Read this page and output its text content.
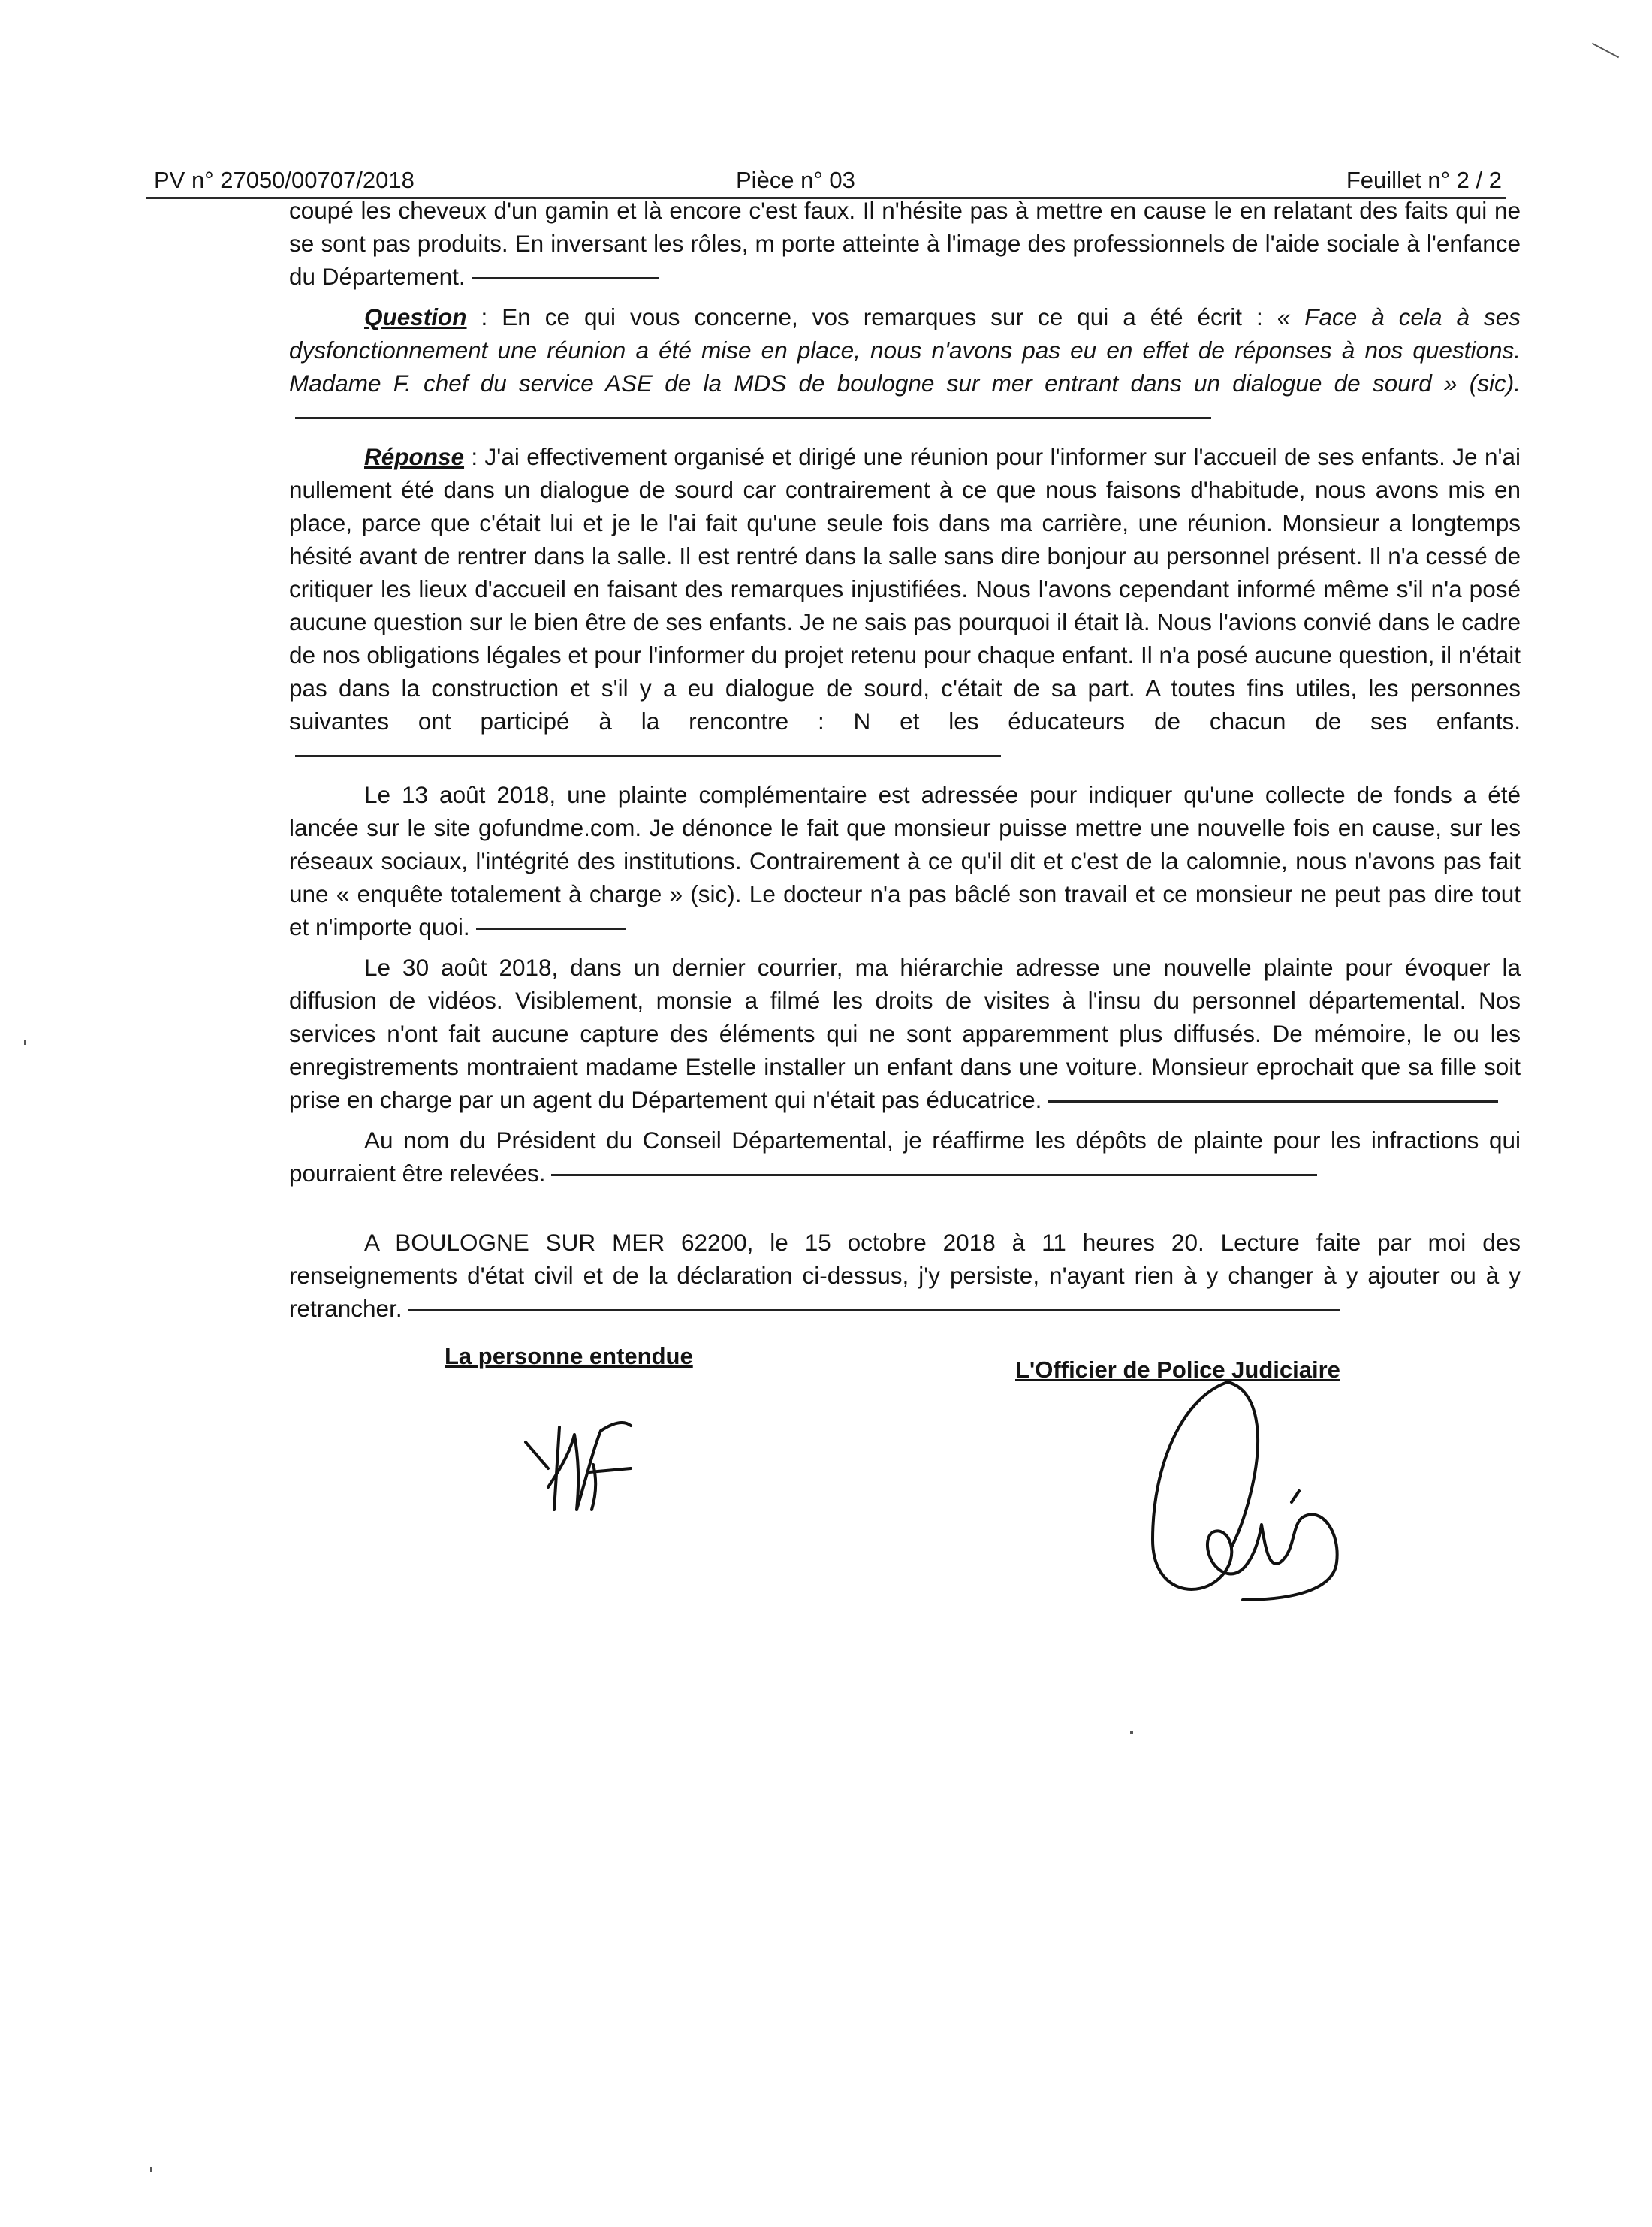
PV n° 27050/00707/2018	Pièce n° 03	Feuillet n° 2 / 2

coupé les cheveux d'un gamin et là encore c'est faux. Il n'hésite pas à mettre en cause le en relatant des faits qui ne se sont pas produits. En inversant les rôles, m porte atteinte à l'image des professionnels de l'aide sociale à l'enfance du Département.

Question : En ce qui vous concerne, vos remarques sur ce qui a été écrit : « Face à cela à ses dysfonctionnement une réunion a été mise en place, nous n'avons pas eu en effet de réponses à nos questions. Madame F. chef du service ASE de la MDS de boulogne sur mer entrant dans un dialogue de sourd » (sic).

Réponse : J'ai effectivement organisé et dirigé une réunion pour l'informer sur l'accueil de ses enfants. Je n'ai nullement été dans un dialogue de sourd car contrairement à ce que nous faisons d'habitude, nous avons mis en place, parce que c'était lui et je le l'ai fait qu'une seule fois dans ma carrière, une réunion. Monsieur a longtemps hésité avant de rentrer dans la salle. Il est rentré dans la salle sans dire bonjour au personnel présent. Il n'a cessé de critiquer les lieux d'accueil en faisant des remarques injustifiées. Nous l'avons cependant informé même s'il n'a posé aucune question sur le bien être de ses enfants. Je ne sais pas pourquoi il était là. Nous l'avions convié dans le cadre de nos obligations légales et pour l'informer du projet retenu pour chaque enfant. Il n'a posé aucune question, il n'était pas dans la construction et s'il y a eu dialogue de sourd, c'était de sa part. A toutes fins utiles, les personnes suivantes ont participé à la rencontre : N et les éducateurs de chacun de ses enfants.

Le 13 août 2018, une plainte complémentaire est adressée pour indiquer qu'une collecte de fonds a été lancée sur le site gofundme.com. Je dénonce le fait que monsieur puisse mettre une nouvelle fois en cause, sur les réseaux sociaux, l'intégrité des institutions. Contrairement à ce qu'il dit et c'est de la calomnie, nous n'avons pas fait une « enquête totalement à charge » (sic). Le docteur n'a pas bâclé son travail et ce monsieur ne peut pas dire tout et n'importe quoi.

Le 30 août 2018, dans un dernier courrier, ma hiérarchie adresse une nouvelle plainte pour évoquer la diffusion de vidéos. Visiblement, monsie a filmé les droits de visites à l'insu du personnel départemental. Nos services n'ont fait aucune capture des éléments qui ne sont apparemment plus diffusés. De mémoire, le ou les enregistrements montraient madame Estelle installer un enfant dans une voiture. Monsieur eprochait que sa fille soit prise en charge par un agent du Département qui n'était pas éducatrice.

Au nom du Président du Conseil Départemental, je réaffirme les dépôts de plainte pour les infractions qui pourraient être relevées.

A BOULOGNE SUR MER 62200, le 15 octobre 2018 à 11 heures 20. Lecture faite par moi des renseignements d'état civil et de la déclaration ci-dessus, j'y persiste, n'ayant rien à y changer à y ajouter ou à y retrancher.

La personne entendue
L'Officier de Police Judiciaire
